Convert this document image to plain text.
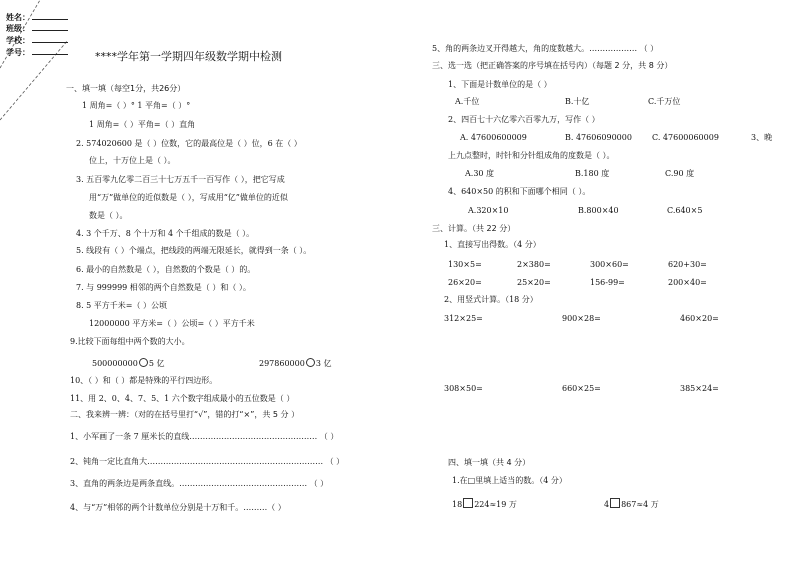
姓名：
班级：
学校：
学号：	****学年第一学期四年级数学期中检测
一、填一填（每空1分，共26分）
1 周角=（ ）° 1 平角=（ ）°
1 周角=（ ）平角=（ ）直角
2. 574020600 是（ ）位数，它的最高位是（ ）位，6 在（ ）
位上，十万位上是（ ）。
3. 五百零九亿零二百三十七万五千一百写作（ ），把它写成
用“万”做单位的近似数是（ ），写成用“亿”做单位的近似
数是（ ）。
4. 3 个千万、8 个十万和 4 个千组成的数是（ ）。
5. 线段有（ ）个端点，把线段的两端无限延长，就得到一条（ ）。
6. 最小的自然数是（ ），自然数的个数是（ ）的。
7. 与 999999 相邻的两个自然数是（ ）和（ ）。
8. 5 平方千米=（ ）公顷
12000000 平方米=（ ）公顷=（ ）平方千米
9.比较下面每组中两个数的大小。
500000000 5 亿	297860000 3 亿
10、（ ）和（ ）都是特殊的平行四边形。
11、用 2、0、4、7、5、1 六个数字组成最小的五位数是（ ）
二、我来辨一辨：（对的在括号里打“√”，错的打“×”，共 5 分 ）
1、小军画了一条 7 厘米长的直线………………………………………… （ ）
2、钝角一定比直角大………………………………………………………… （ ）
3、直角的两条边是两条直线。………………………………………… （ ）
4、与“万”相邻的两个计数单位分别是十万和千。………（ ）
5、角的两条边叉开得越大，角的度数越大。……………… （ ）
三、选一选（把正确答案的序号填在括号内）（每题 2 分，共 8 分）
1、下面是计数单位的是（ ）
A.千位	B.十亿	C.千万位
2、四百七十六亿零六百零九万，写作（ ）
A. 47600600009	B. 47606090000	C. 47600060009	3、晚
上九点整时，时针和分针组成角的度数是（ ）。
A.30 度	B.180 度	C.90 度
4、640×50 的积和下面哪个相同（ ）。
A.320×10	B.800×40	C.640×5
三、计算。（共 22 分）
1、直接写出得数。（4 分）
130×5=	2×380=	300×60=	620+30=
26×20=	25×20=	156-99=	200×40=
2、用竖式计算。（18 分）
312×25=	900×28=	460×20=
308×50=	660×25=	385×24=
四、填一填（共 4 分）
1.在□里填上适当的数。（4 分）
18 224≈19 万	4 867≈4 万
